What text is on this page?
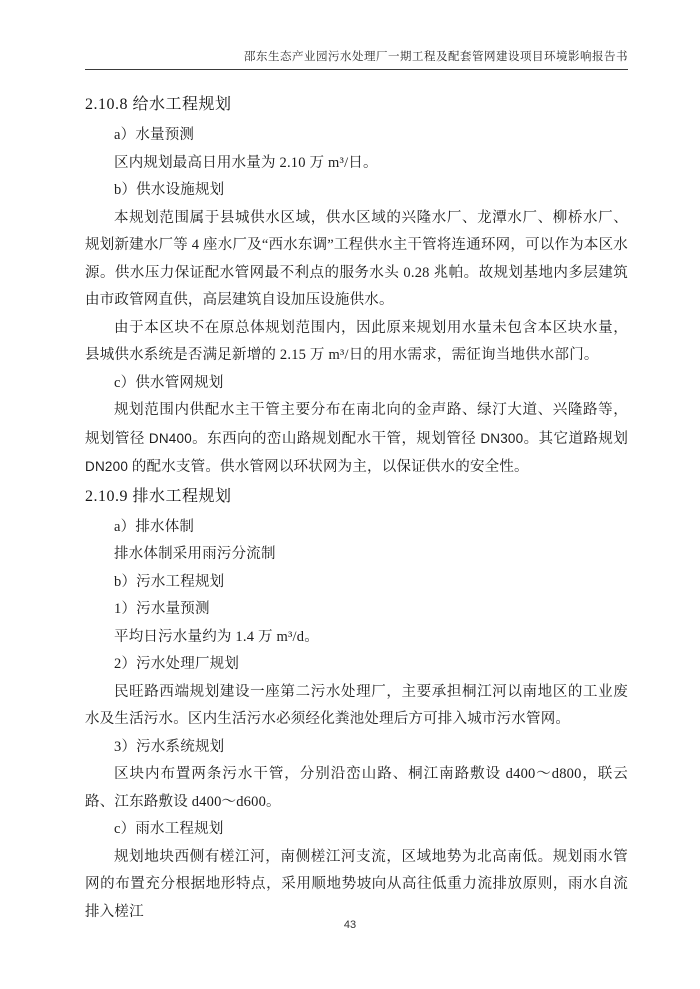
邵东生态产业园污水处理厂一期工程及配套管网建设项目环境影响报告书
2.10.8 给水工程规划

a）水量预测

区内规划最高日用水量为 2.10 万 m³/日。

b）供水设施规划

本规划范围属于县城供水区域，供水区域的兴隆水厂、龙潭水厂、柳桥水厂、规划新建水厂等 4 座水厂及“西水东调”工程供水主干管将连通环网，可以作为本区水源。供水压力保证配水管网最不利点的服务水头 0.28 兆帕。故规划基地内多层建筑由市政管网直供，高层建筑自设加压设施供水。

由于本区块不在原总体规划范围内，因此原来规划用水量未包含本区块水量，县城供水系统是否满足新增的 2.15 万 m³/日的用水需求，需征询当地供水部门。

c）供水管网规划

规划范围内供配水主干管主要分布在南北向的金声路、绿汀大道、兴隆路等，规划管径 DN400。东西向的峦山路规划配水干管，规划管径 DN300。其它道路规划 DN200 的配水支管。供水管网以环状网为主，以保证供水的安全性。

2.10.9 排水工程规划

a）排水体制

排水体制采用雨污分流制

b）污水工程规划

1）污水量预测

平均日污水量约为 1.4 万 m³/d。

2）污水处理厂规划

民旺路西端规划建设一座第二污水处理厂，主要承担桐江河以南地区的工业废水及生活污水。区内生活污水必须经化粪池处理后方可排入城市污水管网。

3）污水系统规划

区块内布置两条污水干管，分别沿峦山路、桐江南路敷设 d400～d800，联云路、江东路敷设 d400～d600。

c）雨水工程规划

规划地块西侧有槎江河，南侧槎江河支流，区域地势为北高南低。规划雨水管网的布置充分根据地形特点，采用顺地势坡向从高往低重力流排放原则，雨水自流排入槎江

43
